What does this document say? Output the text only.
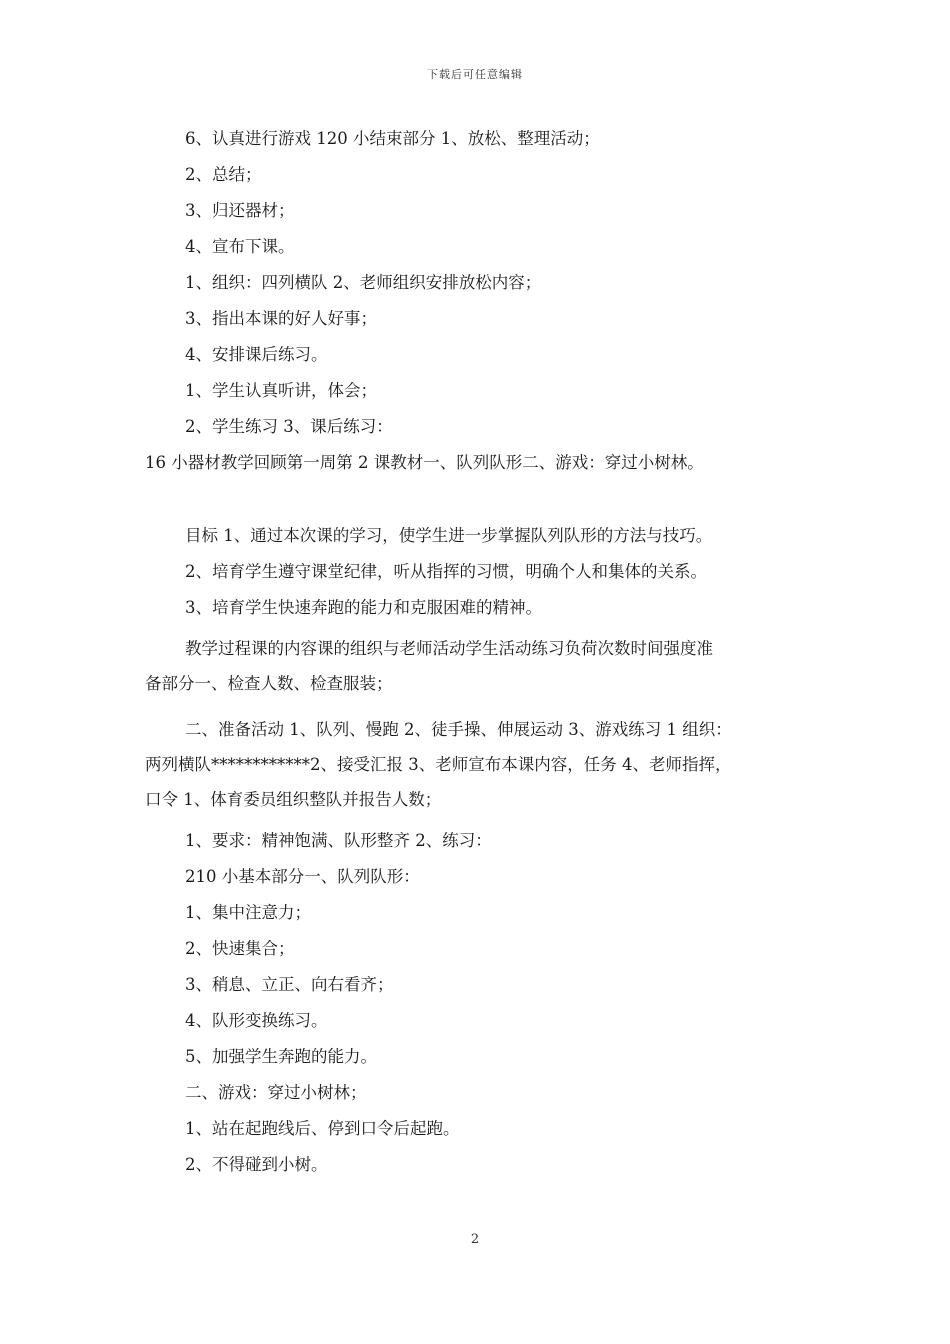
下载后可任意编辑

6、认真进行游戏 120 小结束部分 1、放松、整理活动；

2、总结；

3、归还器材；

4、宣布下课。

1、组织：四列横队 2、老师组织安排放松内容；

3、指出本课的好人好事；

4、安排课后练习。

1、学生认真听讲，体会；

2、学生练习 3、课后练习：

16 小器材教学回顾第一周第 2 课教材一、队列队形二、游戏：穿过小树林。

目标 1、通过本次课的学习，使学生进一步掌握队列队形的方法与技巧。

2、培育学生遵守课堂纪律，听从指挥的习惯，明确个人和集体的关系。

3、培育学生快速奔跑的能力和克服困难的精神。

教学过程课的内容课的组织与老师活动学生活动练习负荷次数时间强度准
备部分一、检查人数、检查服装；
二、准备活动 1、队列、慢跑 2、徒手操、伸展运动 3、游戏练习 1 组织：
两列横队************2、接受汇报 3、老师宣布本课内容，任务 4、老师指挥，
口令 1、体育委员组织整队并报告人数；

1、要求：精神饱满、队形整齐 2、练习：

210 小基本部分一、队列队形：

1、集中注意力；

2、快速集合；

3、稍息、立正、向右看齐；

4、队形变换练习。

5、加强学生奔跑的能力。

二、游戏：穿过小树林；

1、站在起跑线后、停到口令后起跑。

2、不得碰到小树。

2
